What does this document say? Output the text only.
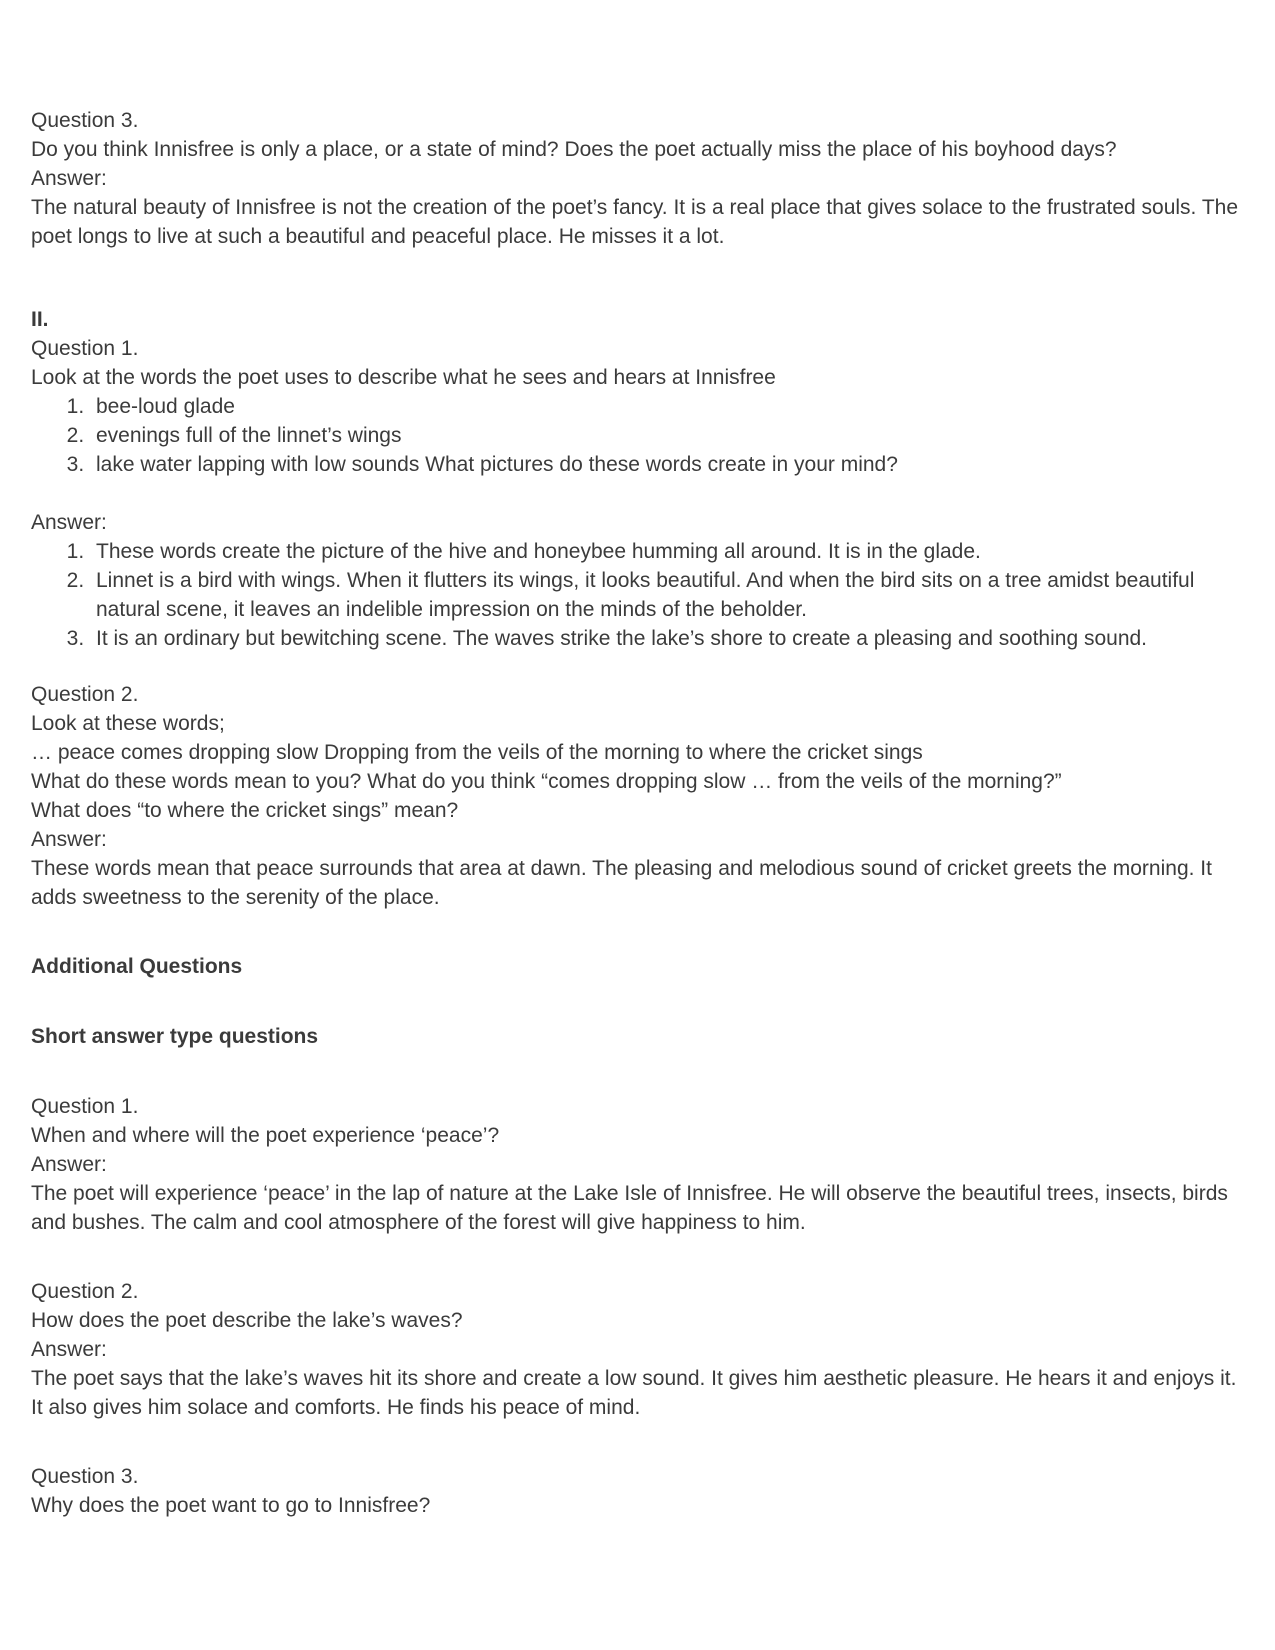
Question 3.
Do you think Innisfree is only a place, or a state of mind? Does the poet actually miss the place of his boyhood days?
Answer:
The natural beauty of Innisfree is not the creation of the poet’s fancy. It is a real place that gives solace to the frustrated souls. The poet longs to live at such a beautiful and peaceful place. He misses it a lot.
II.
Question 1.
Look at the words the poet uses to describe what he sees and hears at Innisfree
1. bee-loud glade
2. evenings full of the linnet’s wings
3. lake water lapping with low sounds What pictures do these words create in your mind?
Answer:
1. These words create the picture of the hive and honeybee humming all around. It is in the glade.
2. Linnet is a bird with wings. When it flutters its wings, it looks beautiful. And when the bird sits on a tree amidst beautiful natural scene, it leaves an indelible impression on the minds of the beholder.
3. It is an ordinary but bewitching scene. The waves strike the lake’s shore to create a pleasing and soothing sound.
Question 2.
Look at these words;
… peace comes dropping slow Dropping from the veils of the morning to where the cricket sings
What do these words mean to you? What do you think “comes dropping slow … from the veils of the morning?”
What does “to where the cricket sings” mean?
Answer:
These words mean that peace surrounds that area at dawn. The pleasing and melodious sound of cricket greets the morning. It adds sweetness to the serenity of the place.
Additional Questions
Short answer type questions
Question 1.
When and where will the poet experience ‘peace’?
Answer:
The poet will experience ‘peace’ in the lap of nature at the Lake Isle of Innisfree. He will observe the beautiful trees, insects, birds and bushes. The calm and cool atmosphere of the forest will give happiness to him.
Question 2.
How does the poet describe the lake’s waves?
Answer:
The poet says that the lake’s waves hit its shore and create a low sound. It gives him aesthetic pleasure. He hears it and enjoys it. It also gives him solace and comforts. He finds his peace of mind.
Question 3.
Why does the poet want to go to Innisfree?
